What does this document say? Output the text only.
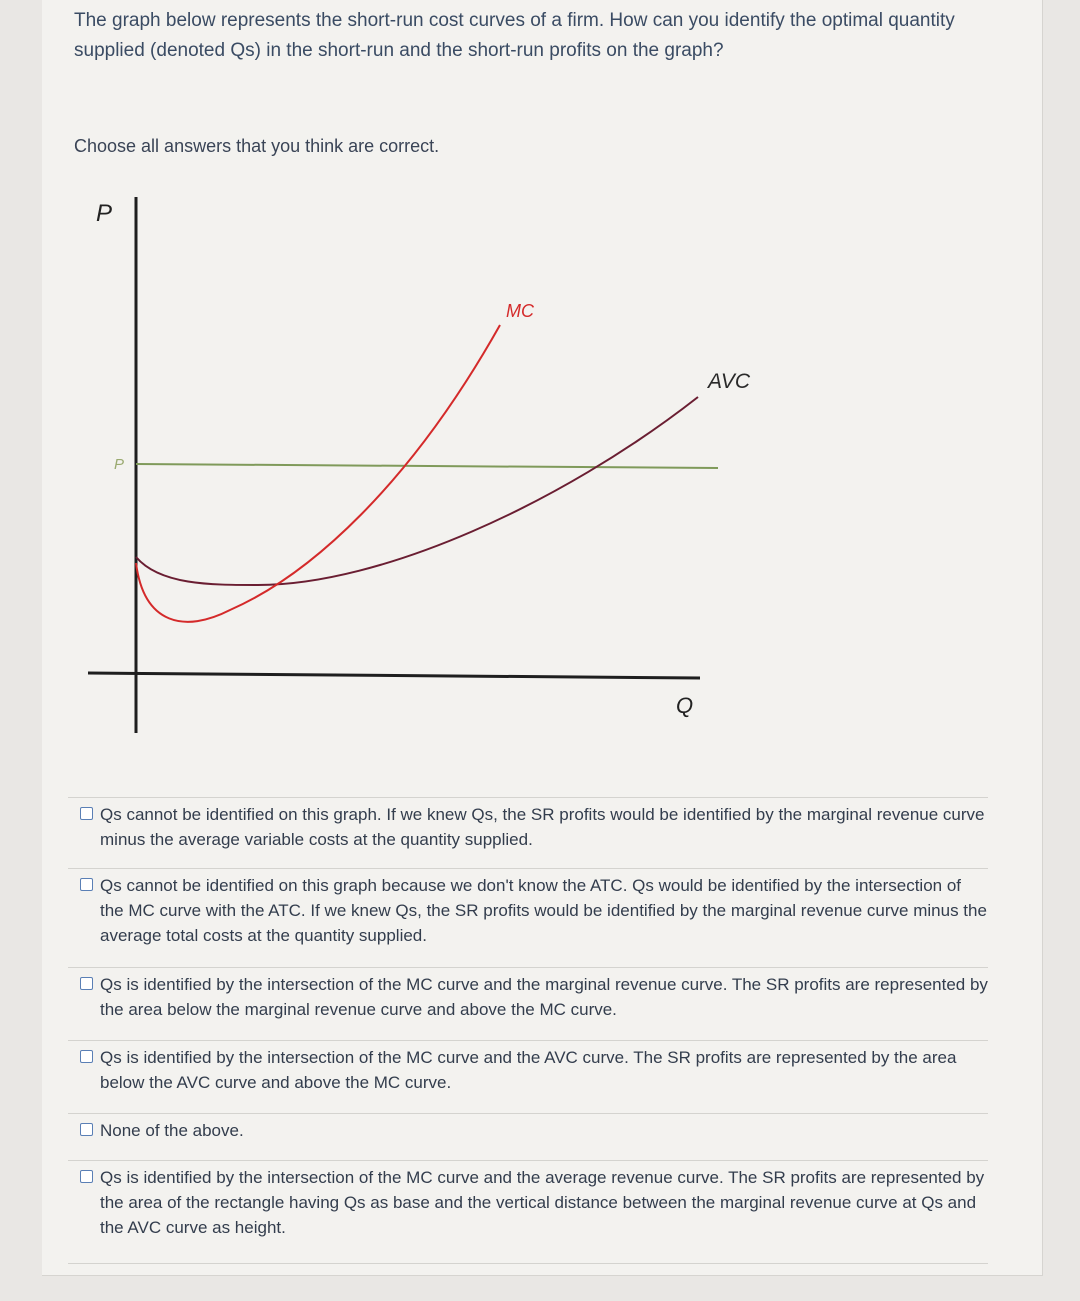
The graph below represents the short-run cost curves of a firm. How can you identify the optimal quantity supplied (denoted Qs) in the short-run and the short-run profits on the graph?
Choose all answers that you think are correct.
P
Q
P
AVC
MC
Qs cannot be identified on this graph. If we knew Qs, the SR profits would be identified by the marginal revenue curve minus the average variable costs at the quantity supplied.
Qs cannot be identified on this graph because we don't know the ATC. Qs would be identified by the intersection of the MC curve with the ATC. If we knew Qs, the SR profits would be identified by the marginal revenue curve minus the average total costs at the quantity supplied.
Qs is identified by the intersection of the MC curve and the marginal revenue curve. The SR profits are represented by the area below the marginal revenue curve and above the MC curve.
Qs is identified by the intersection of the MC curve and the AVC curve. The SR profits are represented by the area below the AVC curve and above the MC curve.
None of the above.
Qs is identified by the intersection of the MC curve and the average revenue curve. The SR profits are represented by the area of the rectangle having Qs as base and the vertical distance between the marginal revenue curve at Qs and the AVC curve as height.
